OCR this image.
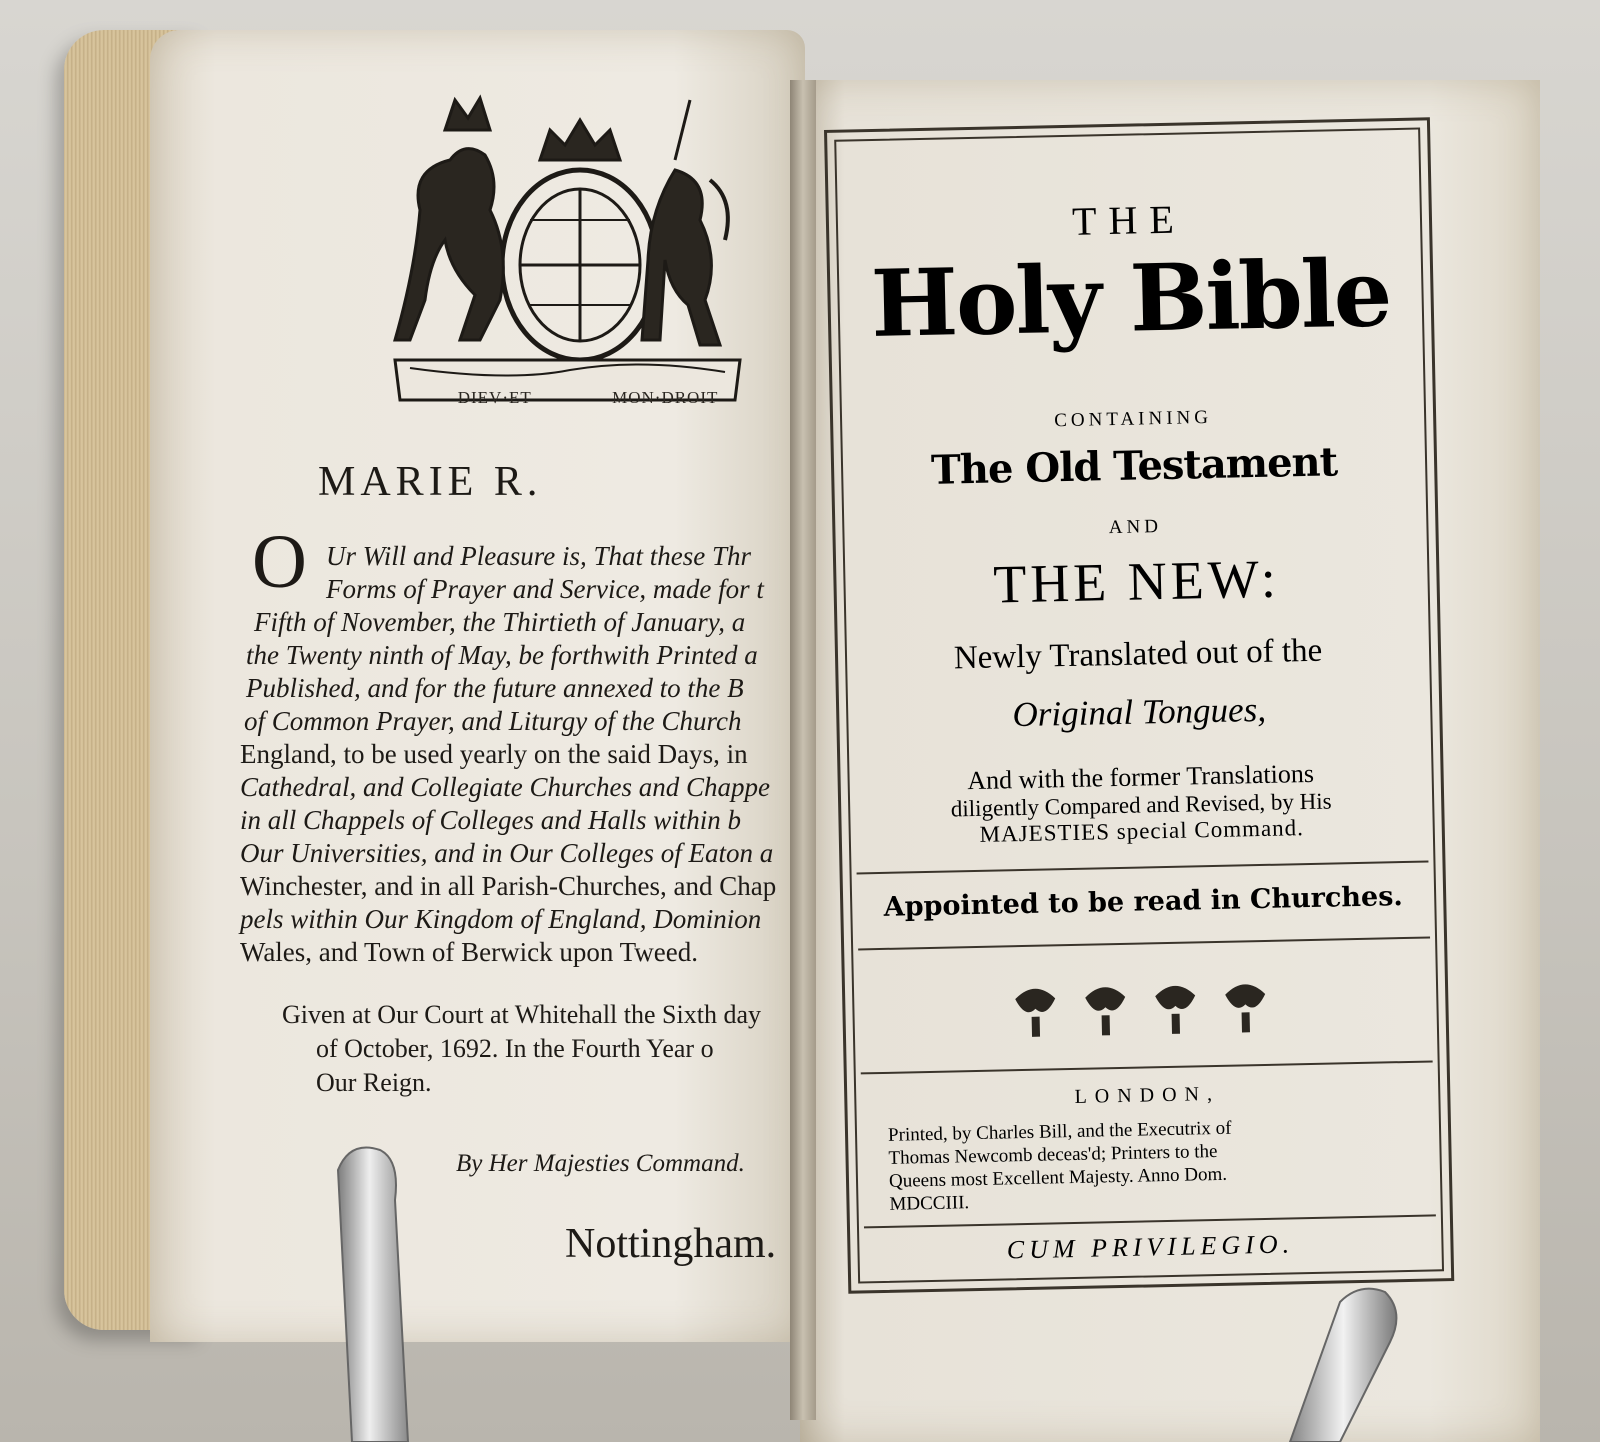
DIEV·ET	MON·DROIT
MARIE R.
O Ur Will and Pleasure is, That these Thr
Forms of Prayer and Service, made for t
Fifth of November, the Thirtieth of January, a
the Twenty ninth of May, be forthwith Printed a
Published, and for the future annexed to the B
of Common Prayer, and Liturgy of the Church
England, to be used yearly on the said Days, in
Cathedral, and Collegiate Churches and Chappe
in all Chappels of Colleges and Halls within b
Our Universities, and in Our Colleges of Eaton a
Winchester, and in all Parish-Churches, and Chap
pels within Our Kingdom of England, Dominion
Wales, and Town of Berwick upon Tweed.
Given at Our Court at Whitehall the Sixth day
of October, 1692. In the Fourth Year o
Our Reign.
By Her Majesties Command.
Nottingham.
THE
Holy Bible
CONTAINING
The Old Testament
AND
THE NEW:
Newly Translated out of the
Original Tongues,
And with the former Translations
diligently Compared and Revised, by His
MAJESTIES special Command.
Appointed to be read in Churches.
LONDON,
Printed, by Charles Bill, and the Executrix of
Thomas Newcomb deceas'd; Printers to the
Queens most Excellent Majesty. Anno Dom.
MDCCIII.
CUM PRIVILEGIO.
